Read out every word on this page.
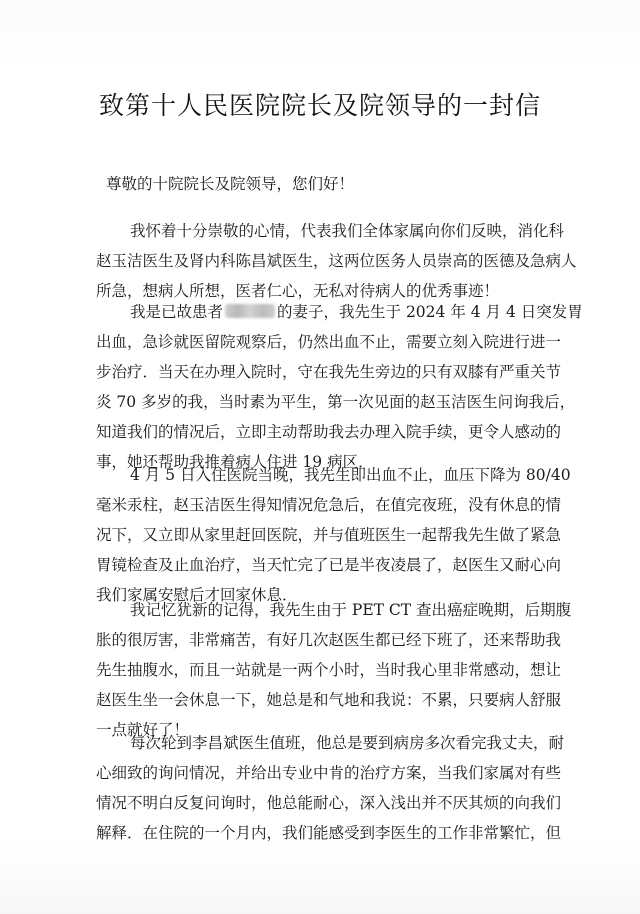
致第十人民医院院长及院领导的一封信
尊敬的十院院长及院领导，您们好！
我怀着十分崇敬的心情，代表我们全体家属向你们反映，消化科
赵玉洁医生及肾内科陈昌斌医生，这两位医务人员崇高的医德及急病人
所急，想病人所想，医者仁心，无私对待病人的优秀事迹！
我是已故患者	的妻子，我先生于 2024 年 4 月 4 日突发胃
出血，急诊就医留院观察后，仍然出血不止，需要立刻入院进行进一
步治疗．当天在办理入院时，守在我先生旁边的只有双膝有严重关节
炎 70 多岁的我，当时素为平生，第一次见面的赵玉洁医生问询我后，
知道我们的情况后，立即主动帮助我去办理入院手续，更令人感动的
事，她还帮助我推着病人住进 19 病区．
4 月 5 日入住医院当晚，我先生即出血不止，血压下降为 80/40
毫米汞柱，赵玉洁医生得知情况危急后，在值完夜班，没有休息的情
况下，又立即从家里赶回医院，并与值班医生一起帮我先生做了紧急
胃镜检查及止血治疗，当天忙完了已是半夜凌晨了，赵医生又耐心向
我们家属安慰后才回家休息．
我记忆犹新的记得，我先生由于 PET CT 查出癌症晚期，后期腹
胀的很厉害，非常痛苦，有好几次赵医生都已经下班了，还来帮助我
先生抽腹水，而且一站就是一两个小时，当时我心里非常感动，想让
赵医生坐一会休息一下，她总是和气地和我说：不累，只要病人舒服
一点就好了！
每次轮到李昌斌医生值班，他总是要到病房多次看完我丈夫，耐
心细致的询问情况，并给出专业中肯的治疗方案，当我们家属对有些
情况不明白反复问询时，他总能耐心，深入浅出并不厌其烦的向我们
解释．在住院的一个月内，我们能感受到李医生的工作非常繁忙，但
